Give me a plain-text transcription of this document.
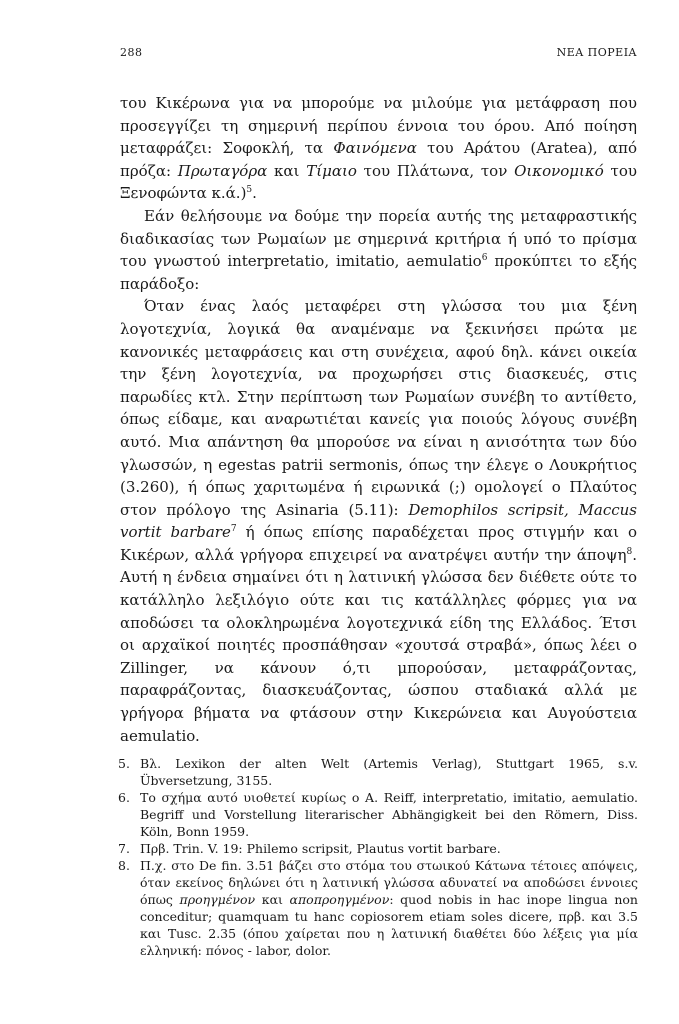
288	ΝΕΑ ΠΟΡΕΙΑ

του Κικέρωνα για να μπορούμε να μιλούμε για μετάφραση που προσεγγίζει τη σημερινή περίπου έννοια του όρου. Από ποίηση μεταφράζει: Σοφοκλή, τα Φαινόμενα του Αράτου (Aratea), από πρόζα: Πρωταγόρα και Τίμαιο του Πλάτωνα, τον Οικονομικό του Ξενοφώντα κ.ά.)$^5$.

Εάν θελήσουμε να δούμε την πορεία αυτής της μεταφραστικής διαδικασίας των Ρωμαίων με σημερινά κριτήρια ή υπό το πρίσμα του γνωστού interpretatio, imitatio, aemulatio$^6$ προκύπτει το εξής παράδοξο:

Όταν ένας λαός μεταφέρει στη γλώσσα του μια ξένη λογοτεχνία, λογικά θα αναμέναμε να ξεκινήσει πρώτα με κανονικές μεταφράσεις και στη συνέχεια, αφού δηλ. κάνει οικεία την ξένη λογοτεχνία, να προχωρήσει στις διασκευές, στις παρωδίες κτλ. Στην περίπτωση των Ρωμαίων συνέβη το αντίθετο, όπως είδαμε, και αναρωτιέται κανείς για ποιούς λόγους συνέβη αυτό. Μια απάντηση θα μπορούσε να είναι η ανισότητα των δύο γλωσσών, η egestas patrii sermonis, όπως την έλεγε ο Λουκρήτιος (3.260), ή όπως χαριτωμένα ή ειρωνικά (;) ομολογεί ο Πλαύτος στον πρόλογο της Asinaria (5.11): Demophilos scripsit, Maccus vortit barbare$^7$ ή όπως επίσης παραδέχεται προς στιγμήν και ο Κικέρων, αλλά γρήγορα επιχειρεί να ανατρέψει αυτήν την άποψη$^8$. Αυτή η ένδεια σημαίνει ότι η λατινική γλώσσα δεν διέθετε ούτε το κατάλληλο λεξιλόγιο ούτε και τις κατάλληλες φόρμες για να αποδώσει τα ολοκληρωμένα λογοτεχνικά είδη της Ελλάδος. Έτσι οι αρχαϊκοί ποιητές προσπάθησαν «χουτσά στραβά», όπως λέει ο Zillinger, να κάνουν ό,τι μπορούσαν, μεταφράζοντας, παραφράζοντας, διασκευάζοντας, ώσπου σταδιακά αλλά με γρήγορα βήματα να φτάσουν στην Κικερώνεια και Αυγούστεια aemulatio.

5. Βλ. Lexikon der alten Welt (Artemis Verlag), Stuttgart 1965, s.v. Übversetzung, 3155.

6. Το σχήμα αυτό υιοθετεί κυρίως ο A. Reiff, interpretatio, imitatio, aemulatio. Begriff und Vorstellung literarischer Abhängigkeit bei den Römern, Diss. Köln, Bonn 1959.

7. Πρβ. Trin. V. 19: Philemo scripsit, Plautus vortit barbare.

8. Π.χ. στο De fin. 3.51 βάζει στο στόμα του στωικού Κάτωνα τέτοιες απόψεις, όταν εκείνος δηλώνει ότι η λατινική γλώσσα αδυνατεί να αποδώσει έννοιες όπως προηγμένον και αποπροηγμένον: quod nobis in hac inope lingua non conceditur; quamquam tu hanc copiosorem etiam soles dicere, πρβ. και 3.5 και Tusc. 2.35 (όπου χαίρεται που η λατινική διαθέτει δύο λέξεις για μία ελληνική: πόνος - labor, dolor.
